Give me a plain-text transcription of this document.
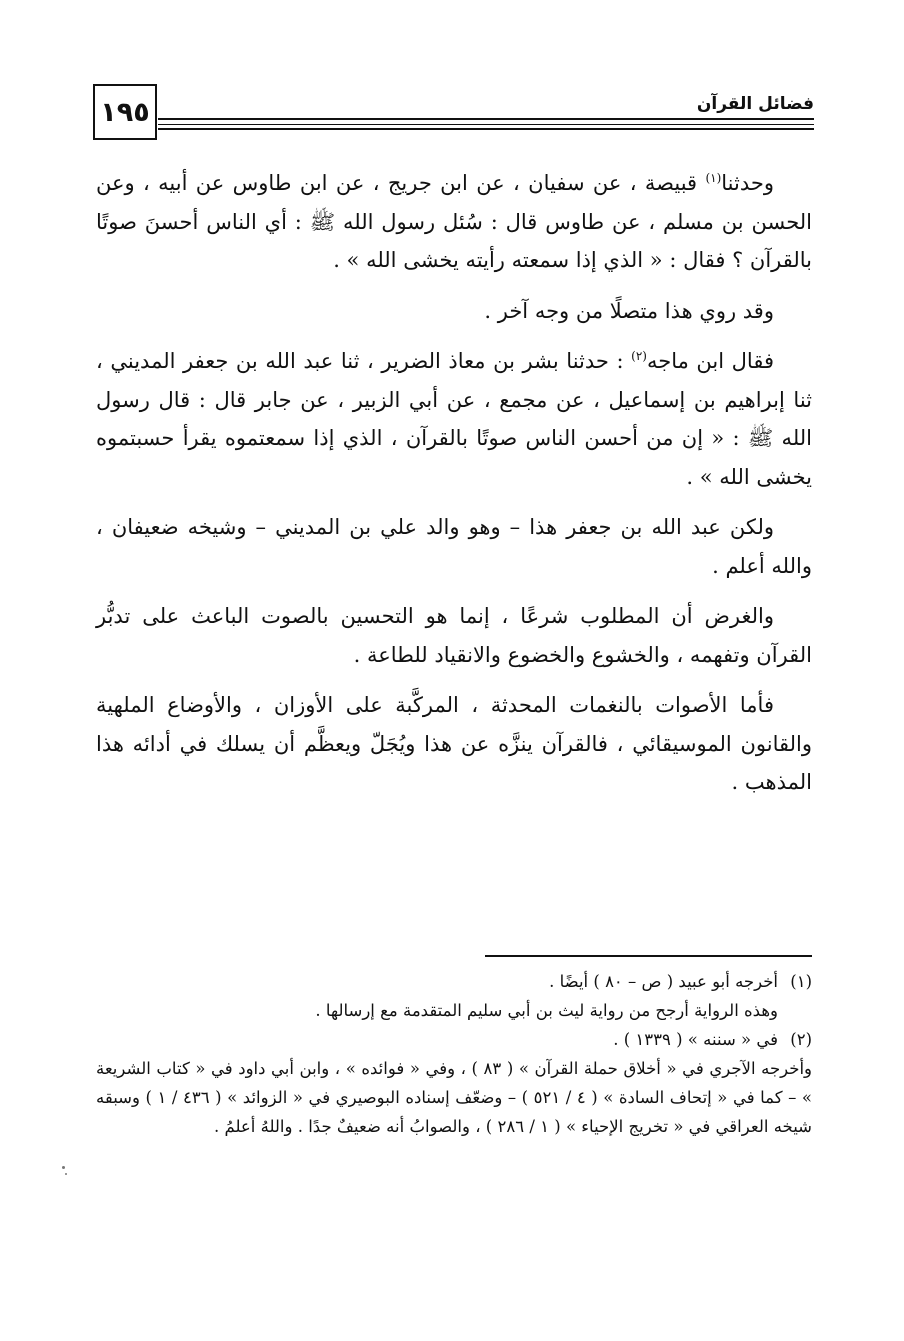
١٩٥	فضائل القرآن

وحدثنا$^{(١)}$ قبيصة ، عن سفيان ، عن ابن جريج ، عن ابن طاوس عن أبيه ، وعن الحسن بن مسلم ، عن طاوس قال : سُئل رسول الله ﷺ : أي الناس أحسنَ صوتًا بالقرآن ؟ فقال : « الذي إذا سمعته رأيته يخشى الله » .

وقد روي هذا متصلًا من وجه آخر .

فقال ابن ماجه$^{(٢)}$ : حدثنا بشر بن معاذ الضرير ، ثنا عبد الله بن جعفر المديني ، ثنا إبراهيم بن إسماعيل ، عن مجمع ، عن أبي الزبير ، عن جابر قال : قال رسول الله ﷺ : « إن من أحسن الناس صوتًا بالقرآن ، الذي إذا سمعتموه يقرأ حسبتموه يخشى الله » .

ولكن عبد الله بن جعفر هذا – وهو والد علي بن المديني – وشيخه ضعيفان ، والله أعلم .

والغرض أن المطلوب شرعًا ، إنما هو التحسين بالصوت الباعث على تدبُّر القرآن وتفهمه ، والخشوع والخضوع والانقياد للطاعة .

فأما الأصوات بالنغمات المحدثة ، المركَّبة على الأوزان ، والأوضاع الملهية والقانون الموسيقائي ، فالقرآن ينزَّه عن هذا ويُجَلّ ويعظَّم أن يسلك في أدائه هذا المذهب .

(١)

أخرجه أبو عبيد ( ص – ٨٠ ) أيضًا .

وهذه الرواية أرجح من رواية ليث بن أبي سليم المتقدمة مع إرسالها .

(٢)

في « سننه » ( ١٣٣٩ ) .

وأخرجه الآجري في « أخلاق حملة القرآن » ( ٨٣ ) ، وفي « فوائده » ، وابن أبي داود في « كتاب الشريعة » – كما في « إتحاف السادة » ( ٤ / ٥٢١ ) – وضعّف إسناده البوصيري في « الزوائد » ( ٤٣٦ / ١ ) وسبقه شيخه العراقي في « تخريج الإحياء » ( ١ / ٢٨٦ ) ، والصوابُ أنه ضعيفٌ جدًا . واللهُ أعلمُ .
